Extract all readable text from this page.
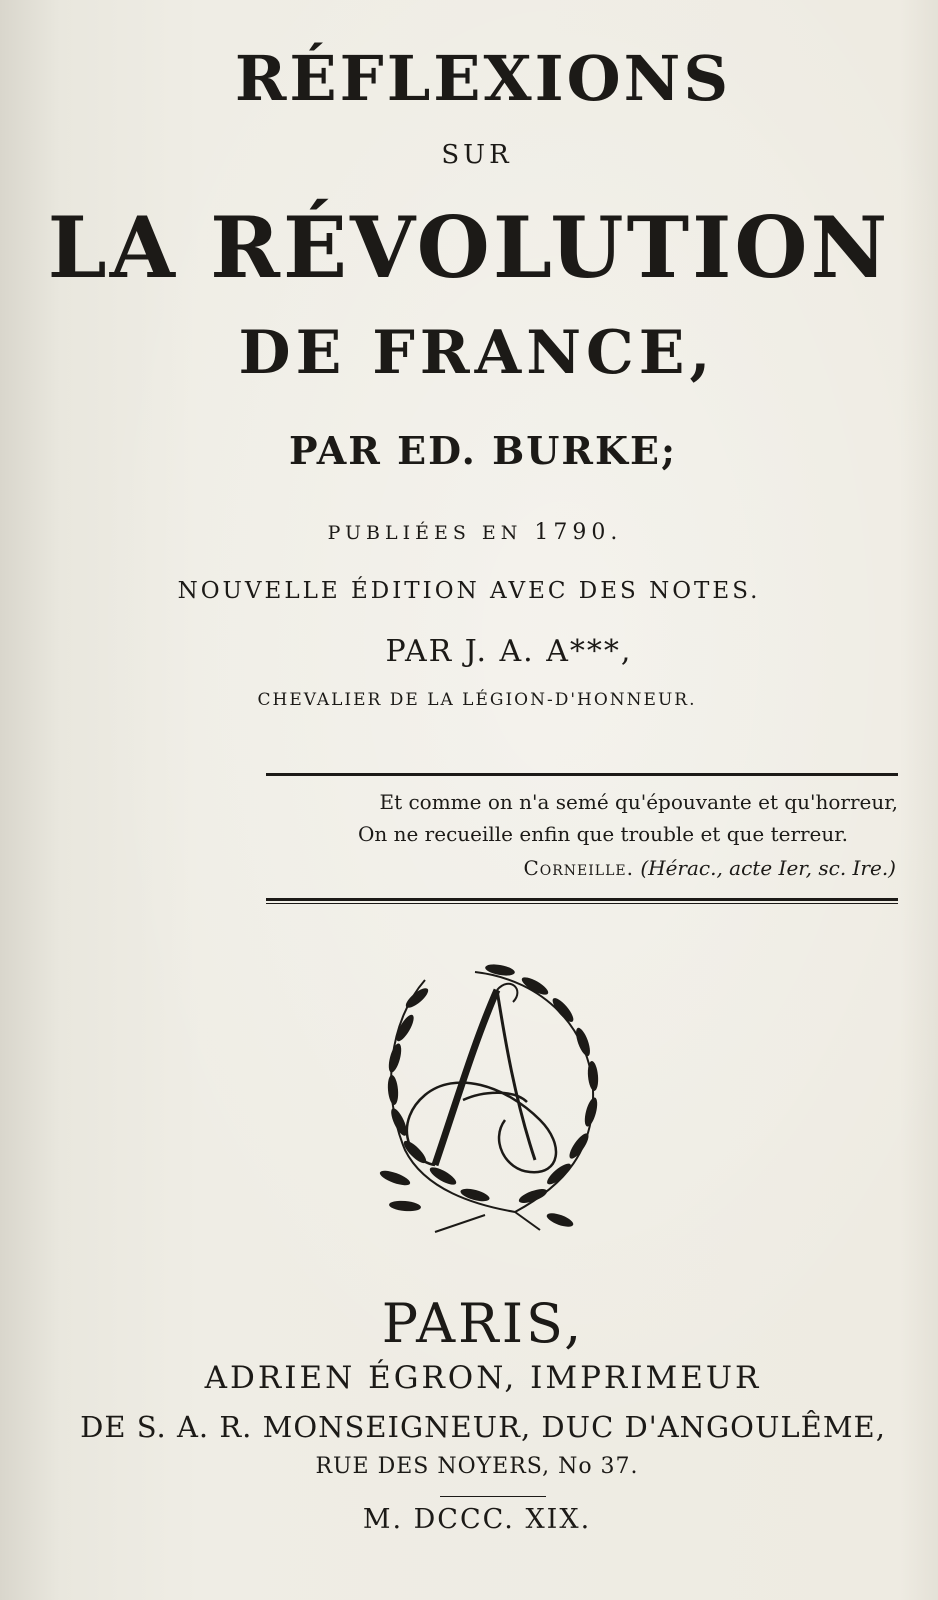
RÉFLEXIONS
SUR
LA RÉVOLUTION
DE FRANCE,
PAR ED. BURKE;
PUBLIÉES EN 1790.
NOUVELLE ÉDITION AVEC DES NOTES.
PAR J. A. A***,
CHEVALIER DE LA LÉGION-D'HONNEUR.
Et comme on n'a semé qu'épouvante et qu'horreur,
On ne recueille enfin que trouble et que terreur.
Corneille. (Hérac., acte Ier, sc. Ire.)
PARIS,
ADRIEN ÉGRON, IMPRIMEUR
DE S. A. R. MONSEIGNEUR, DUC D'ANGOULÊME,
RUE DES NOYERS, No 37.
M. DCCC. XIX.
